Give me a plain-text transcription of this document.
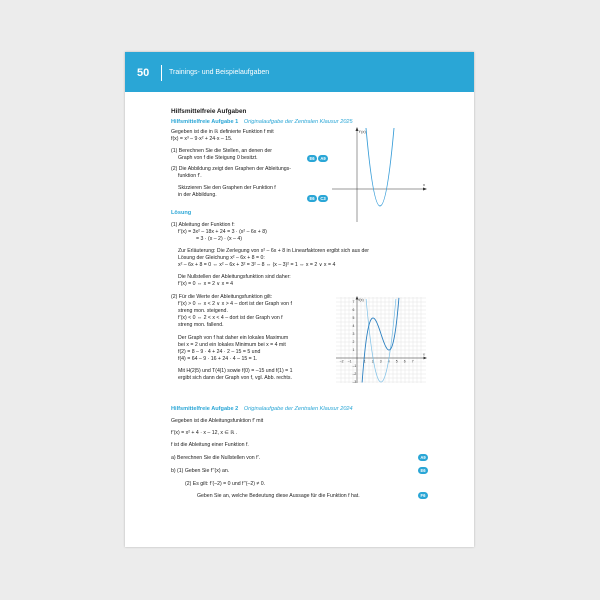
50	Trainings- und Beispielaufgaben
Hilfsmittelfreie Aufgaben
Hilfsmittelfreie Aufgabe 1 Originalaufgabe der Zentralen Klausur 2025
Gegeben ist die in ℝ definierte Funktion f mit
f(x) = x³ – 9·x² + 24·x – 15.
(1) Berechnen Sie die Stellen, an denen der
Graph von f die Steigung 0 besitzt.	E6	A9
(2) Die Abbildung zeigt den Graphen der Ableitungs-
funktion f’.
Skizzieren Sie den Graphen der Funktion f
in der Abbildung.
E6	C3
f’(x)
x
Lösung
(1) Ableitung der Funktion f:
f’(x) = 3x² – 18x + 24 = 3 · (x² – 6x + 8)
= 3 · (x – 2) · (x – 4)
Zur Erläuterung: Die Zerlegung von x² – 6x + 8 in Linearfaktoren ergibt sich aus der
Lösung der Gleichung x² – 6x + 8 = 0:
x² – 6x + 8 = 0 ⇔ x² – 6x + 3² = 3² – 8 ⇔ (x – 3)² = 1 ⇔ x = 2 ∨ x = 4
Die Nullstellen der Ableitungsfunktion sind daher:
f’(x) = 0 ⇔ x = 2 ∨ x = 4
(2) Für die Werte der Ableitungsfunktion gilt:
f’(x) > 0 ⇔ x < 2 ∨ x > 4 – dort ist der Graph von f
streng mon. steigend.
f’(x) < 0 ⇔ 2 < x < 4 – dort ist der Graph von f
streng mon. fallend.
Der Graph von f hat daher ein lokales Maximum
bei x = 2 und ein lokales Minimum bei x = 4 mit
f(2) = 8 – 9 · 4 + 24 · 2 – 15 = 5 und
f(4) = 64 – 9 · 16 + 24 · 4 – 15 = 1.
Mit H(2|5) und T(4|1) sowie f(0) = –15 und f(1) = 1
ergibt sich dann der Graph von f, vgl. Abb. rechts.
f(x)
x
–2 –1	1 2 3 4 5 6 7
7
6
5
4
3
2
1
–1
–2
–3
Hilfsmittelfreie Aufgabe 2 Originalaufgabe der Zentralen Klausur 2024
Gegeben ist die Ableitungsfunktion f’ mit
f’(x) = x² + 4 · x – 12, x ∈ ℝ .
f ist die Ableitung einer Funktion f.
a) Berechnen Sie die Nullstellen von f’.	A9
b) (1) Geben Sie f’’(x) an.	E6
(2) Es gilt: f’(–2) = 0 und f’’(–2) ≠ 0.
Geben Sie an, welche Bedeutung diese Aussage für die Funktion f hat.	F6
